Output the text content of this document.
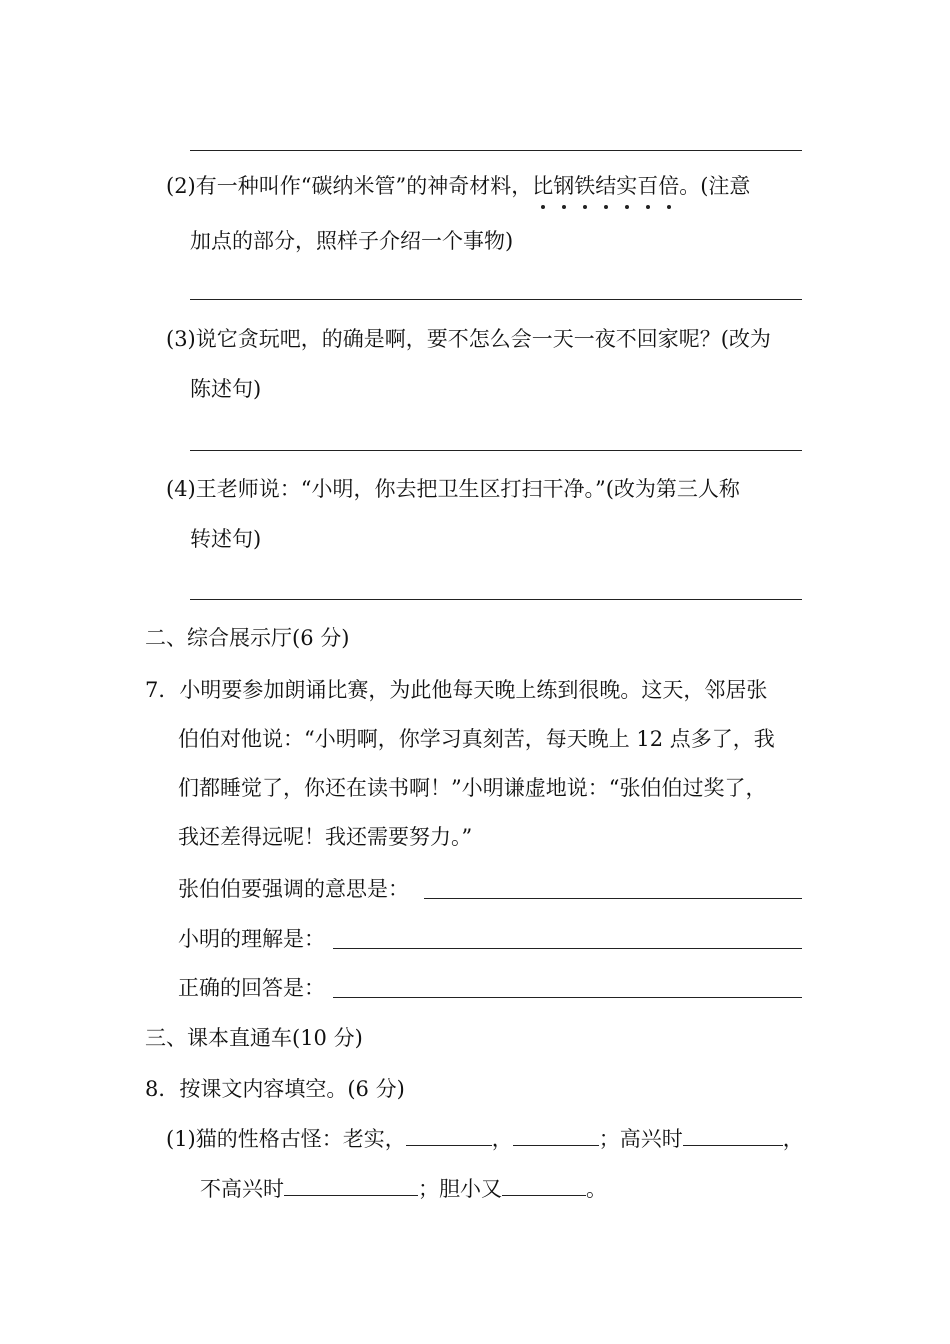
(2)有一种叫作“碳纳米管”的神奇材料，比钢铁结实百倍。(注意
加点的部分，照样子介绍一个事物)
(3)说它贪玩吧，的确是啊，要不怎么会一天一夜不回家呢？(改为
陈述句)
(4)王老师说：“小明，你去把卫生区打扫干净。”(改为第三人称
转述句)
二、综合展示厅(6 分)
7．小明要参加朗诵比赛，为此他每天晚上练到很晚。这天，邻居张
伯伯对他说：“小明啊，你学习真刻苦，每天晚上 12 点多了，我
们都睡觉了，你还在读书啊！”小明谦虚地说：“张伯伯过奖了，
我还差得远呢！我还需要努力。”
张伯伯要强调的意思是：
小明的理解是：
正确的回答是：
三、课本直通车(10 分)
8．按课文内容填空。(6 分)
(1)猫的性格古怪：老实，	，	；高兴时	，
不高兴时	；胆小又	。
